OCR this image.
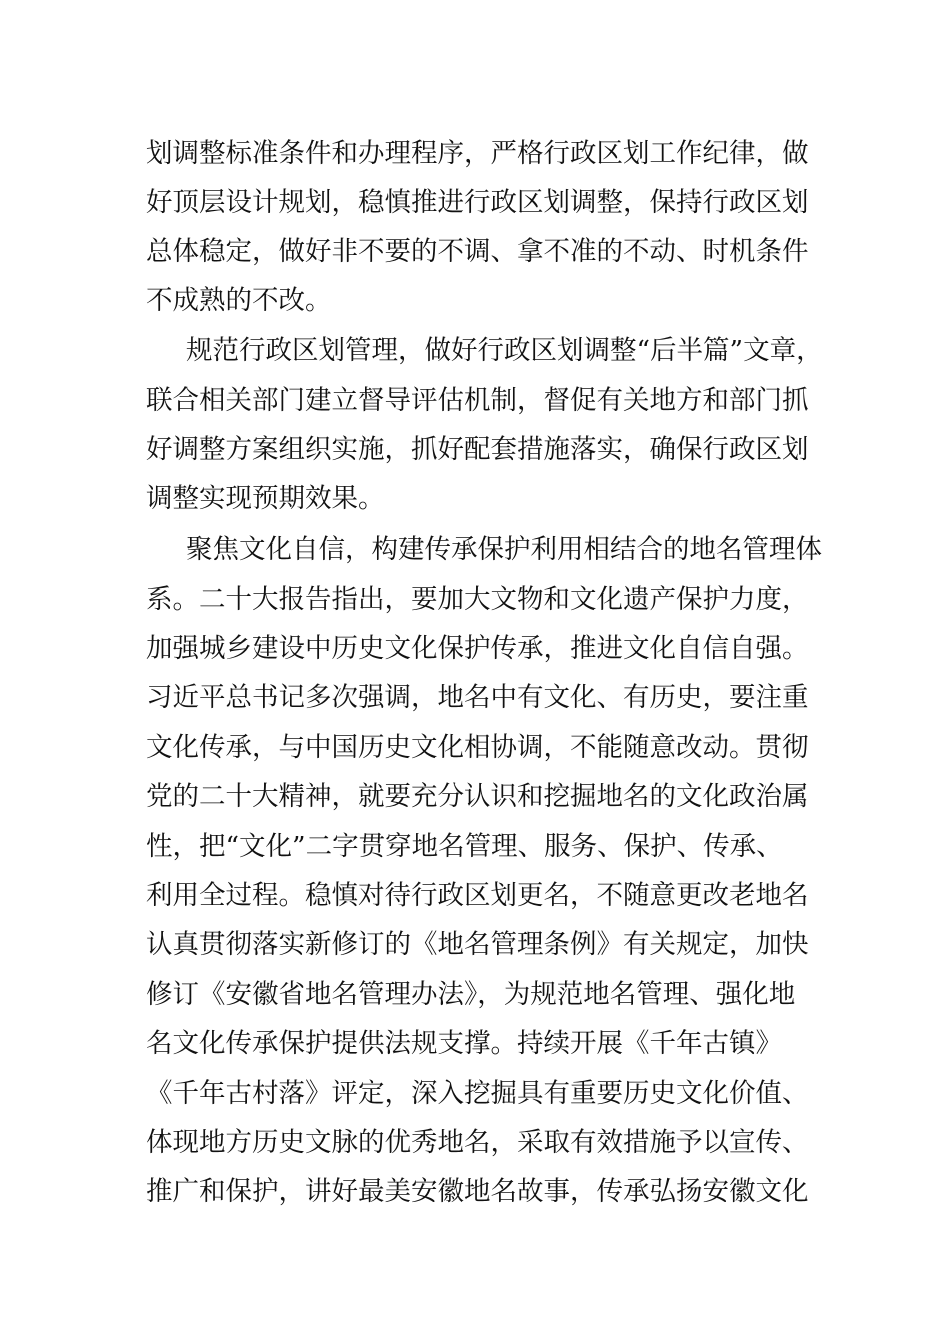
划调整标准条件和办理程序，严格行政区划工作纪律，做

好顶层设计规划，稳慎推进行政区划调整，保持行政区划

总体稳定，做好非不要的不调、拿不准的不动、时机条件

不成熟的不改。

规范行政区划管理，做好行政区划调整“后半篇”文章，

联合相关部门建立督导评估机制，督促有关地方和部门抓

好调整方案组织实施，抓好配套措施落实，确保行政区划

调整实现预期效果。

聚焦文化自信，构建传承保护利用相结合的地名管理体

系。二十大报告指出，要加大文物和文化遗产保护力度，

加强城乡建设中历史文化保护传承，推进文化自信自强。

习近平总书记多次强调，地名中有文化、有历史，要注重

文化传承，与中国历史文化相协调，不能随意改动。贯彻

党的二十大精神，就要充分认识和挖掘地名的文化政治属

性，把“文化”二字贯穿地名管理、服务、保护、传承、

利用全过程。稳慎对待行政区划更名，不随意更改老地名

认真贯彻落实新修订的《地名管理条例》有关规定，加快

修订《安徽省地名管理办法》，为规范地名管理、强化地

名文化传承保护提供法规支撑。持续开展《千年古镇》

《千年古村落》评定，深入挖掘具有重要历史文化价值、

体现地方历史文脉的优秀地名，采取有效措施予以宣传、

推广和保护，讲好最美安徽地名故事，传承弘扬安徽文化
